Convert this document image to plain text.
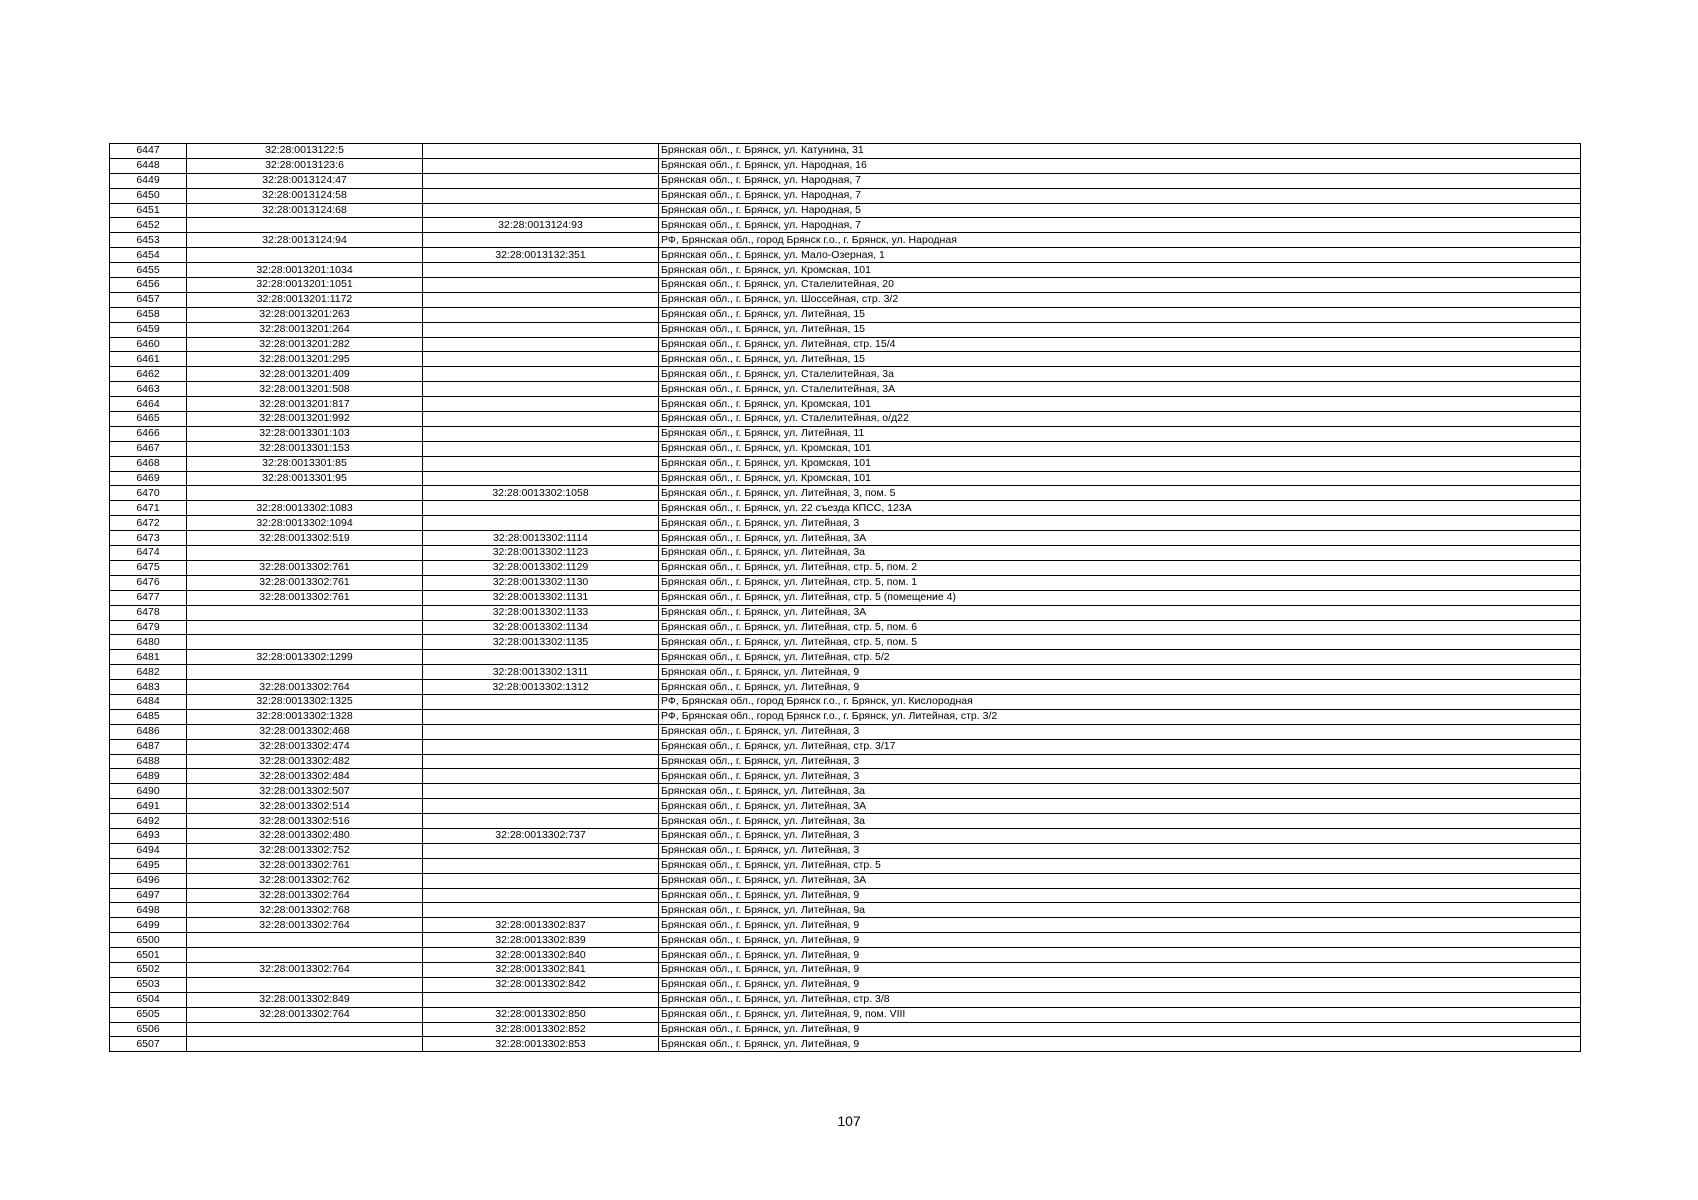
6447	32:28:0013122:5		Брянская обл., г. Брянск, ул. Катунина, 31
6448	32:28:0013123:6		Брянская обл., г. Брянск, ул. Народная, 16
6449	32:28:0013124:47		Брянская обл., г. Брянск, ул. Народная, 7
6450	32:28:0013124:58		Брянская обл., г. Брянск, ул. Народная, 7
6451	32:28:0013124:68		Брянская обл., г. Брянск, ул. Народная, 5
6452		32:28:0013124:93	Брянская обл., г. Брянск, ул. Народная, 7
6453	32:28:0013124:94		РФ, Брянская обл., город Брянск г.о., г. Брянск, ул. Народная
6454		32:28:0013132:351	Брянская обл., г. Брянск, ул. Мало-Озерная, 1
6455	32:28:0013201:1034		Брянская обл., г. Брянск, ул. Кромская, 101
6456	32:28:0013201:1051		Брянская обл., г. Брянск, ул. Сталелитейная, 20
6457	32:28:0013201:1172		Брянская обл., г. Брянск, ул. Шоссейная, стр. 3/2
6458	32:28:0013201:263		Брянская обл., г. Брянск, ул. Литейная, 15
6459	32:28:0013201:264		Брянская обл., г. Брянск, ул. Литейная, 15
6460	32:28:0013201:282		Брянская обл., г. Брянск, ул. Литейная, стр. 15/4
6461	32:28:0013201:295		Брянская обл., г. Брянск, ул. Литейная, 15
6462	32:28:0013201:409		Брянская обл., г. Брянск, ул. Сталелитейная, 3а
6463	32:28:0013201:508		Брянская обл., г. Брянск, ул. Сталелитейная, 3А
6464	32:28:0013201:817		Брянская обл., г. Брянск, ул. Кромская, 101
6465	32:28:0013201:992		Брянская обл., г. Брянск, ул. Сталелитейная, о/д22
6466	32:28:0013301:103		Брянская обл., г. Брянск, ул. Литейная, 11
6467	32:28:0013301:153		Брянская обл., г. Брянск, ул. Кромская, 101
6468	32:28:0013301:85		Брянская обл., г. Брянск, ул. Кромская, 101
6469	32:28:0013301:95		Брянская обл., г. Брянск, ул. Кромская, 101
6470		32:28:0013302:1058	Брянская обл., г. Брянск, ул. Литейная, 3, пом. 5
6471	32:28:0013302:1083		Брянская обл., г. Брянск, ул. 22 съезда КПСС, 123А
6472	32:28:0013302:1094		Брянская обл., г. Брянск, ул. Литейная, 3
6473	32:28:0013302:519	32:28:0013302:1114	Брянская обл., г. Брянск, ул. Литейная, 3А
6474		32:28:0013302:1123	Брянская обл., г. Брянск, ул. Литейная, 3а
6475	32:28:0013302:761	32:28:0013302:1129	Брянская обл., г. Брянск, ул. Литейная, стр. 5, пом. 2
6476	32:28:0013302:761	32:28:0013302:1130	Брянская обл., г. Брянск, ул. Литейная, стр. 5, пом. 1
6477	32:28:0013302:761	32:28:0013302:1131	Брянская обл., г. Брянск, ул. Литейная, стр. 5 (помещение 4)
6478		32:28:0013302:1133	Брянская обл., г. Брянск, ул. Литейная, 3А
6479		32:28:0013302:1134	Брянская обл., г. Брянск, ул. Литейная, стр. 5, пом. 6
6480		32:28:0013302:1135	Брянская обл., г. Брянск, ул. Литейная, стр. 5, пом. 5
6481	32:28:0013302:1299		Брянская обл., г. Брянск, ул. Литейная, стр. 5/2
6482		32:28:0013302:1311	Брянская обл., г. Брянск, ул. Литейная, 9
6483	32:28:0013302:764	32:28:0013302:1312	Брянская обл., г. Брянск, ул. Литейная, 9
6484	32:28:0013302:1325		РФ, Брянская обл., город Брянск г.о., г. Брянск, ул. Кислородная
6485	32:28:0013302:1328		РФ, Брянская обл., город Брянск г.о., г. Брянск, ул. Литейная, стр. 3/2
6486	32:28:0013302:468		Брянская обл., г. Брянск, ул. Литейная, 3
6487	32:28:0013302:474		Брянская обл., г. Брянск, ул. Литейная, стр. 3/17
6488	32:28:0013302:482		Брянская обл., г. Брянск, ул. Литейная, 3
6489	32:28:0013302:484		Брянская обл., г. Брянск, ул. Литейная, 3
6490	32:28:0013302:507		Брянская обл., г. Брянск, ул. Литейная, 3а
6491	32:28:0013302:514		Брянская обл., г. Брянск, ул. Литейная, 3А
6492	32:28:0013302:516		Брянская обл., г. Брянск, ул. Литейная, 3а
6493	32:28:0013302:480	32:28:0013302:737	Брянская обл., г. Брянск, ул. Литейная, 3
6494	32:28:0013302:752		Брянская обл., г. Брянск, ул. Литейная, 3
6495	32:28:0013302:761		Брянская обл., г. Брянск, ул. Литейная, стр. 5
6496	32:28:0013302:762		Брянская обл., г. Брянск, ул. Литейная, 3А
6497	32:28:0013302:764		Брянская обл., г. Брянск, ул. Литейная, 9
6498	32:28:0013302:768		Брянская обл., г. Брянск, ул. Литейная, 9а
6499	32:28:0013302:764	32:28:0013302:837	Брянская обл., г. Брянск, ул. Литейная, 9
6500		32:28:0013302:839	Брянская обл., г. Брянск, ул. Литейная, 9
6501		32:28:0013302:840	Брянская обл., г. Брянск, ул. Литейная, 9
6502	32:28:0013302:764	32:28:0013302:841	Брянская обл., г. Брянск, ул. Литейная, 9
6503		32:28:0013302:842	Брянская обл., г. Брянск, ул. Литейная, 9
6504	32:28:0013302:849		Брянская обл., г. Брянск, ул. Литейная, стр. 3/8
6505	32:28:0013302:764	32:28:0013302:850	Брянская обл., г. Брянск, ул. Литейная, 9, пом. VIII
6506		32:28:0013302:852	Брянская обл., г. Брянск, ул. Литейная, 9
6507		32:28:0013302:853	Брянская обл., г. Брянск, ул. Литейная, 9
107
